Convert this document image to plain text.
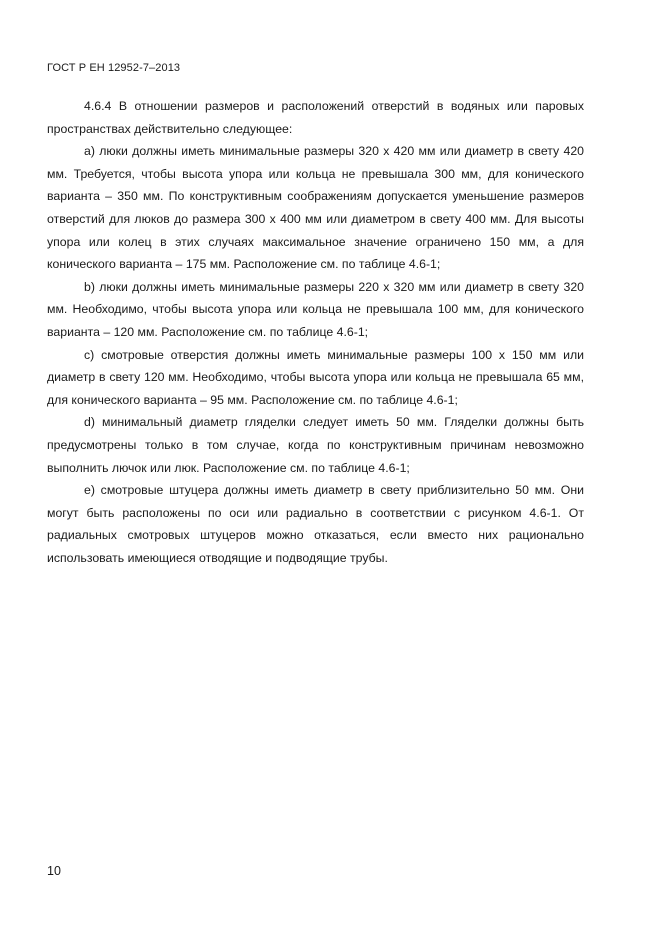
ГОСТ Р ЕН 12952-7–2013

4.6.4 В отношении размеров и расположений отверстий в водяных или паровых пространствах действительно следующее:

a) люки должны иметь минимальные размеры 320 x 420 мм или диаметр в свету 420 мм. Требуется, чтобы высота упора или кольца не превышала 300 мм, для конического варианта – 350 мм. По конструктивным соображениям допускается уменьшение размеров отверстий для люков до размера 300 x 400 мм или диаметром в свету 400 мм. Для высоты упора или колец в этих случаях максимальное значение ограничено 150 мм, а для конического варианта – 175 мм. Расположение см. по таблице 4.6-1;

b) люки должны иметь минимальные размеры 220 x 320 мм или диаметр в свету 320 мм. Необходимо, чтобы высота упора или кольца не превышала 100 мм, для конического варианта – 120 мм. Расположение см. по таблице 4.6-1;

c) смотровые отверстия должны иметь минимальные размеры 100 x 150 мм или диаметр в свету 120 мм. Необходимо, чтобы высота упора или кольца не превышала 65 мм, для конического варианта – 95 мм. Расположение см. по таблице 4.6-1;

d) минимальный диаметр гляделки следует иметь 50 мм. Гляделки должны быть предусмотрены только в том случае, когда по конструктивным причинам невозможно выполнить лючок или люк. Расположение см. по таблице 4.6-1;

e) смотровые штуцера должны иметь диаметр в свету приблизительно 50 мм. Они могут быть расположены по оси или радиально в соответствии с рисунком 4.6-1. От радиальных смотровых штуцеров можно отказаться, если вместо них рационально использовать имеющиеся отводящие и подводящие трубы.

10
